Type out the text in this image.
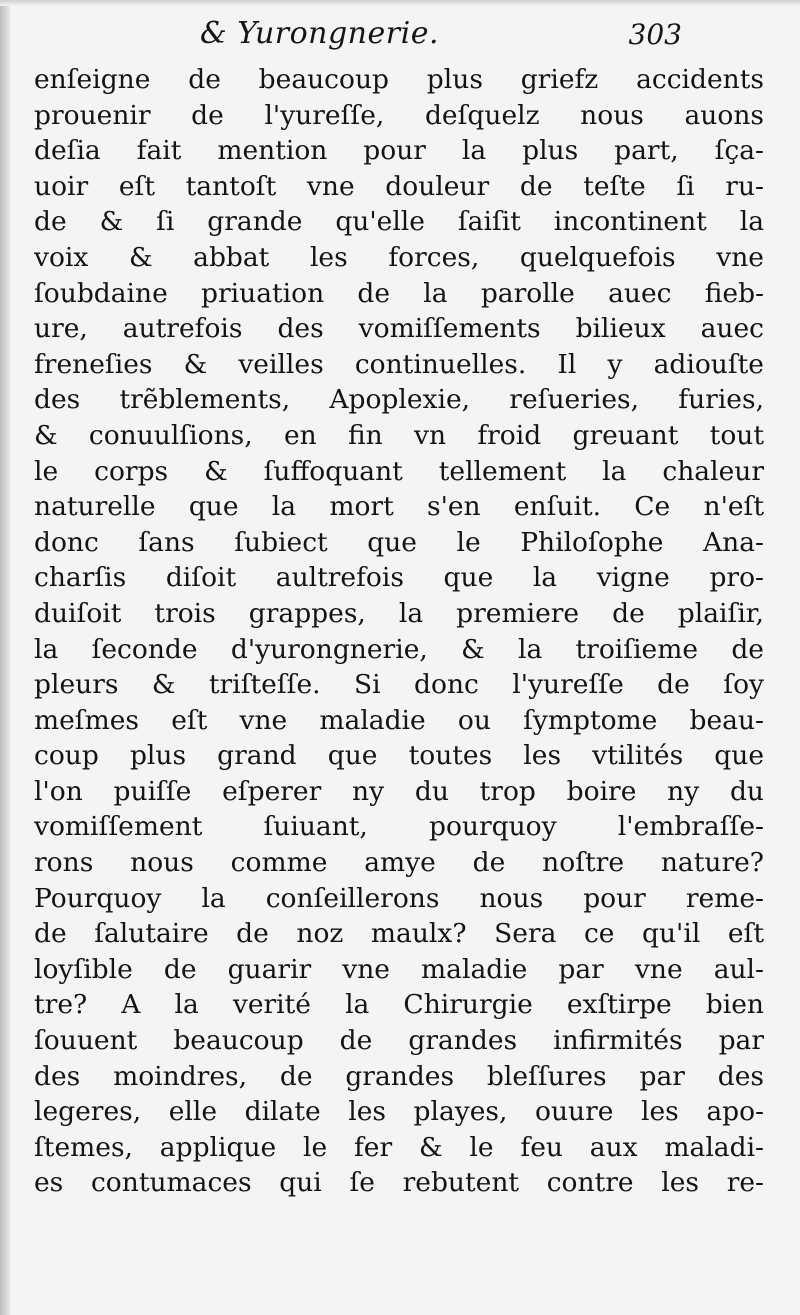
& Yurongnerie.	303
enſeigne de beaucoup plus griefz accidents
prouenir de l'yureſſe, deſquelz nous auons
deſia fait mention pour la plus part, ſça-
uoir eſt tantoſt vne douleur de teſte ſi ru-
de & ſi grande qu'elle ſaiſit incontinent la
voix & abbat les forces, quelquefois vne
ſoubdaine priuation de la parolle auec fieb-
ure, autrefois des vomiſſements bilieux auec
freneſies & veilles continuelles. Il y adiouſte
des trẽblements, Apoplexie, reſueries, furies,
& conuulſions, en fin vn froid greuant tout
le corps & ſuffoquant tellement la chaleur
naturelle que la mort s'en enſuit. Ce n'eſt
donc ſans ſubiect que le Philoſophe Ana-
charſis diſoit aultrefois que la vigne pro-
duiſoit trois grappes, la premiere de plaiſir,
la ſeconde d'yurongnerie, & la troiſieme de
pleurs & triſteſſe. Si donc l'yureſſe de ſoy
meſmes eſt vne maladie ou ſymptome beau-
coup plus grand que toutes les vtilités que
l'on puiſſe eſperer ny du trop boire ny du
vomiſſement ſuiuant, pourquoy l'embraſſe-
rons nous comme amye de noſtre nature?
Pourquoy la conſeillerons nous pour reme-
de ſalutaire de noz maulx? Sera ce qu'il eſt
loyſible de guarir vne maladie par vne aul-
tre? A la verité la Chirurgie exſtirpe bien
ſouuent beaucoup de grandes infirmités par
des moindres, de grandes bleſſures par des
legeres, elle dilate les playes, ouure les apo-
ſtemes, applique le fer & le feu aux maladi-
es contumaces qui ſe rebutent contre les re-
